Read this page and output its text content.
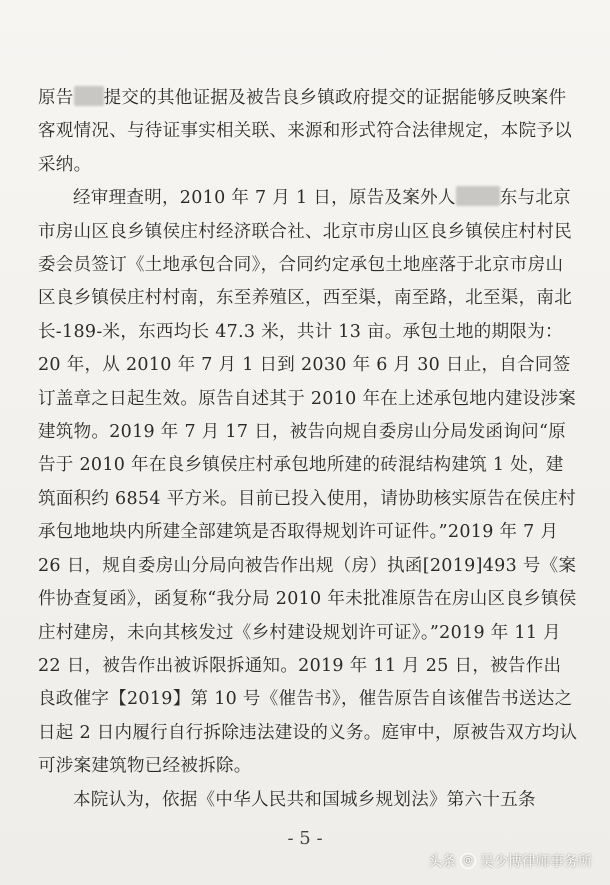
原告 提交的其他证据及被告良乡镇政府提交的证据能够反映案件客观情况、与待证事实相关联、来源和形式符合法律规定，本院予以采纳。

经审理查明，2010 年 7 月 1 日，原告及案外人	东与北京市房山区良乡镇侯庄村经济联合社、北京市房山区良乡镇侯庄村村民委会员签订《土地承包合同》，合同约定承包土地座落于北京市房山区良乡镇侯庄村村南，东至养殖区，西至渠，南至路，北至渠，南北长-189-米，东西均长 47.3 米，共计 13 亩。承包土地的期限为：20 年，从 2010 年 7 月 1 日到 2030 年 6 月 30 日止，自合同签订盖章之日起生效。原告自述其于 2010 年在上述承包地内建设涉案建筑物。2019 年 7 月 17 日，被告向规自委房山分局发函询问“原告于 2010 年在良乡镇侯庄村承包地所建的砖混结构建筑 1 处，建筑面积约 6854 平方米。目前已投入使用，请协助核实原告在侯庄村承包地地块内所建全部建筑是否取得规划许可证件。”2019 年 7 月 26 日，规自委房山分局向被告作出规（房）执函[2019]493 号《案件协查复函》，函复称“我分局 2010 年未批准原告在房山区良乡镇侯庄村建房，未向其核发过《乡村建设规划许可证》。”2019 年 11 月 22 日，被告作出被诉限拆通知。2019 年 11 月 25 日，被告作出良政催字【2019】第 10 号《催告书》，催告原告自该催告书送达之日起 2 日内履行自行拆除违法建设的义务。庭审中，原被告双方均认可涉案建筑物已经被拆除。

本院认为，依据《中华人民共和国城乡规划法》第六十五条

- 5 -
头条 @ 吴少博律师事务所
